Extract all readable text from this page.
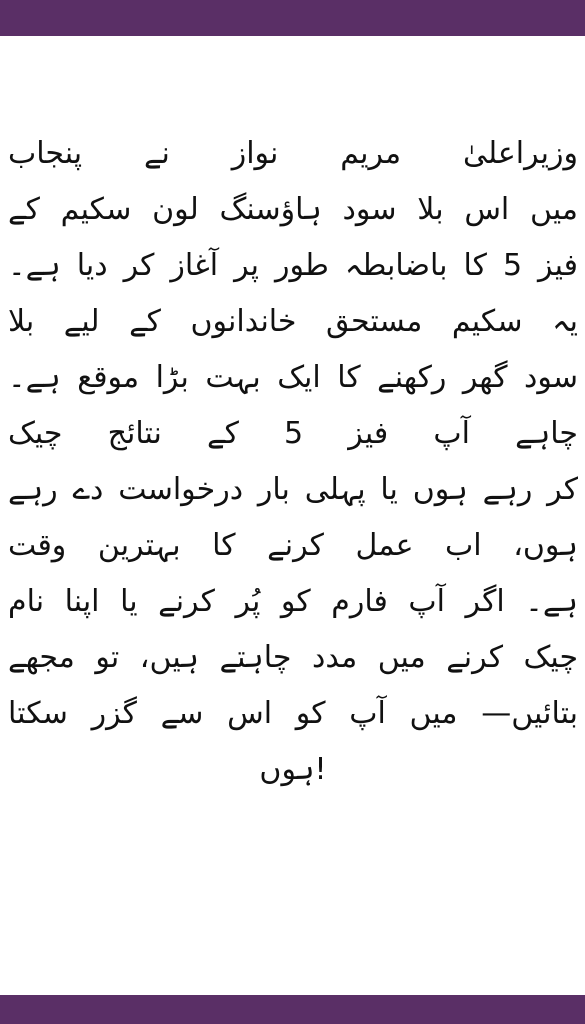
وزیراعلیٰ مریم نواز نے پنجاب
میں اس بلا سود ہاؤسنگ لون سکیم کے
فیز 5 کا باضابطہ طور پر آغاز کر دیا ہے۔
یہ سکیم مستحق خاندانوں کے لیے بلا
سود گھر رکھنے کا ایک بہت بڑا موقع ہے۔
چاہے آپ فیز 5 کے نتائج چیک
کر رہے ہوں یا پہلی بار درخواست دے رہے
ہوں، اب عمل کرنے کا بہترین وقت
ہے۔ اگر آپ فارم کو پُر کرنے یا اپنا نام
چیک کرنے میں مدد چاہتے ہیں، تو مجھے
بتائیں— میں آپ کو اس سے گزر سکتا
!ہوں
